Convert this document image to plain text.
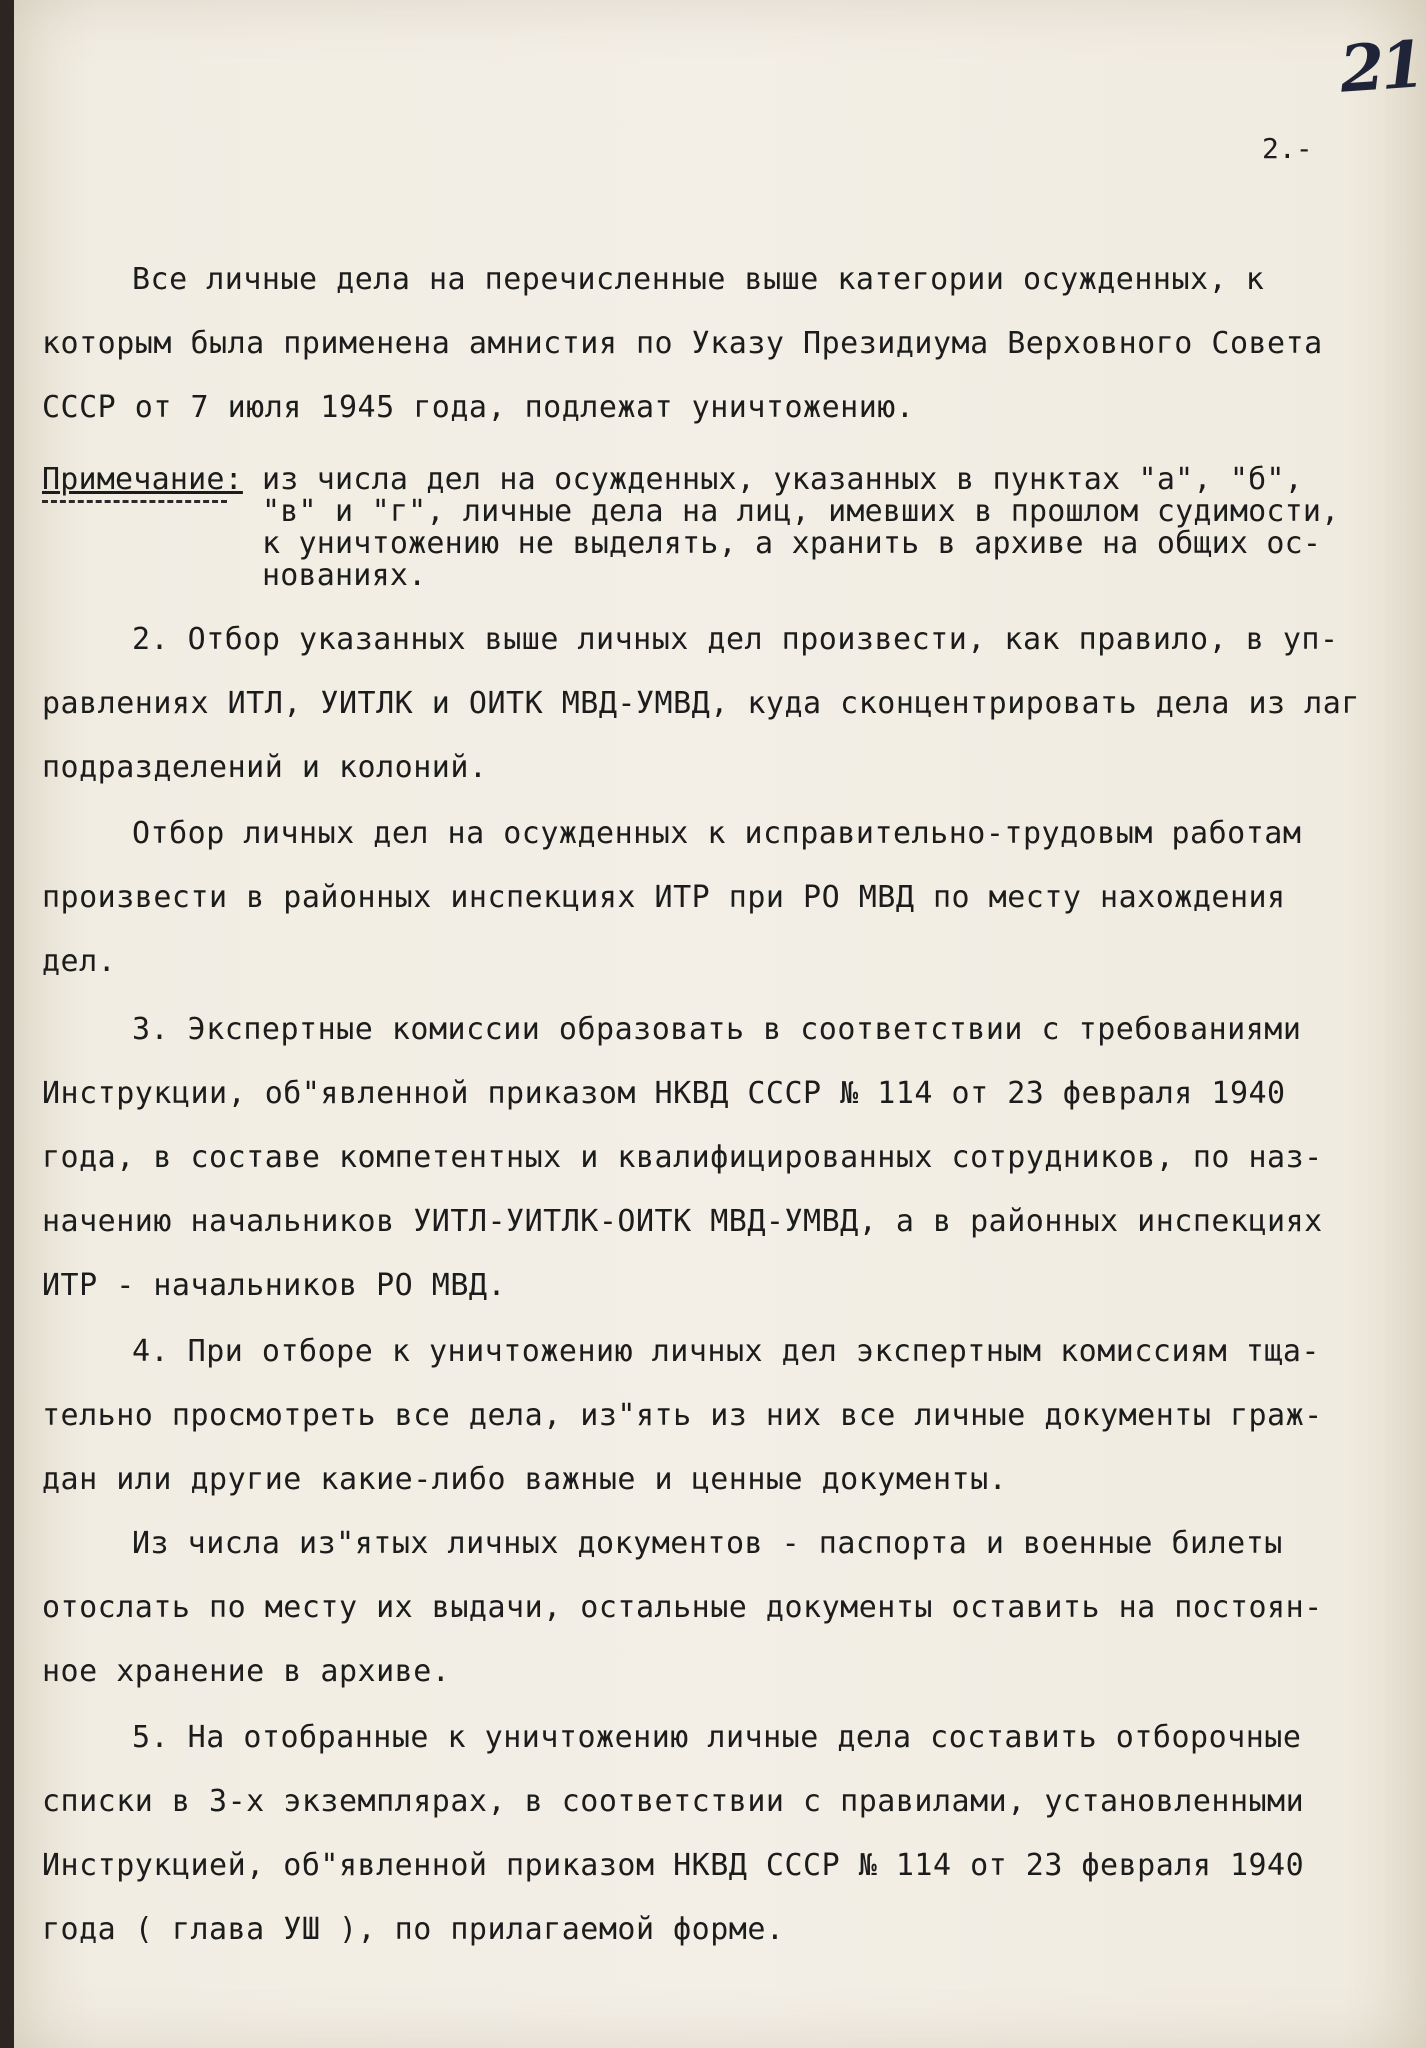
21
2.-
Все личные дела на перечисленные выше категории осужденных, к
которым была применена амнистия по Указу Президиума Верховного Совета
СССР от 7 июля 1945 года, подлежат уничтожению.
Примечание: из числа дел на осужденных, указанных в пунктах "а", "б",
"в" и "г", личные дела на лиц, имевших в прошлом судимости,
к уничтожению не выделять, а хранить в архиве на общих ос-
нованиях.
2. Отбор указанных выше личных дел произвести, как правило, в уп-
равлениях ИТЛ, УИТЛК и ОИТК МВД-УМВД, куда сконцентрировать дела из лаг
подразделений и колоний.
Отбор личных дел на осужденных к исправительно-трудовым работам
произвести в районных инспекциях ИТР при РО МВД по месту нахождения
дел.
3. Экспертные комиссии образовать в соответствии с требованиями
Инструкции, об"явленной приказом НКВД СССР № 114 от 23 февраля 1940
года, в составе компетентных и квалифицированных сотрудников, по наз-
начению начальников УИТЛ-УИТЛК-ОИТК МВД-УМВД, а в районных инспекциях
ИТР - начальников РО МВД.
4. При отборе к уничтожению личных дел экспертным комиссиям тща-
тельно просмотреть все дела, из"ять из них все личные документы граж-
дан или другие какие-либо важные и ценные документы.
Из числа из"ятых личных документов - паспорта и военные билеты
отослать по месту их выдачи, остальные документы оставить на постоян-
ное хранение в архиве.
5. На отобранные к уничтожению личные дела составить отборочные
списки в 3-х экземплярах, в соответствии с правилами, установленными
Инструкцией, об"явленной приказом НКВД СССР № 114 от 23 февраля 1940
года ( глава УШ ), по прилагаемой форме.
